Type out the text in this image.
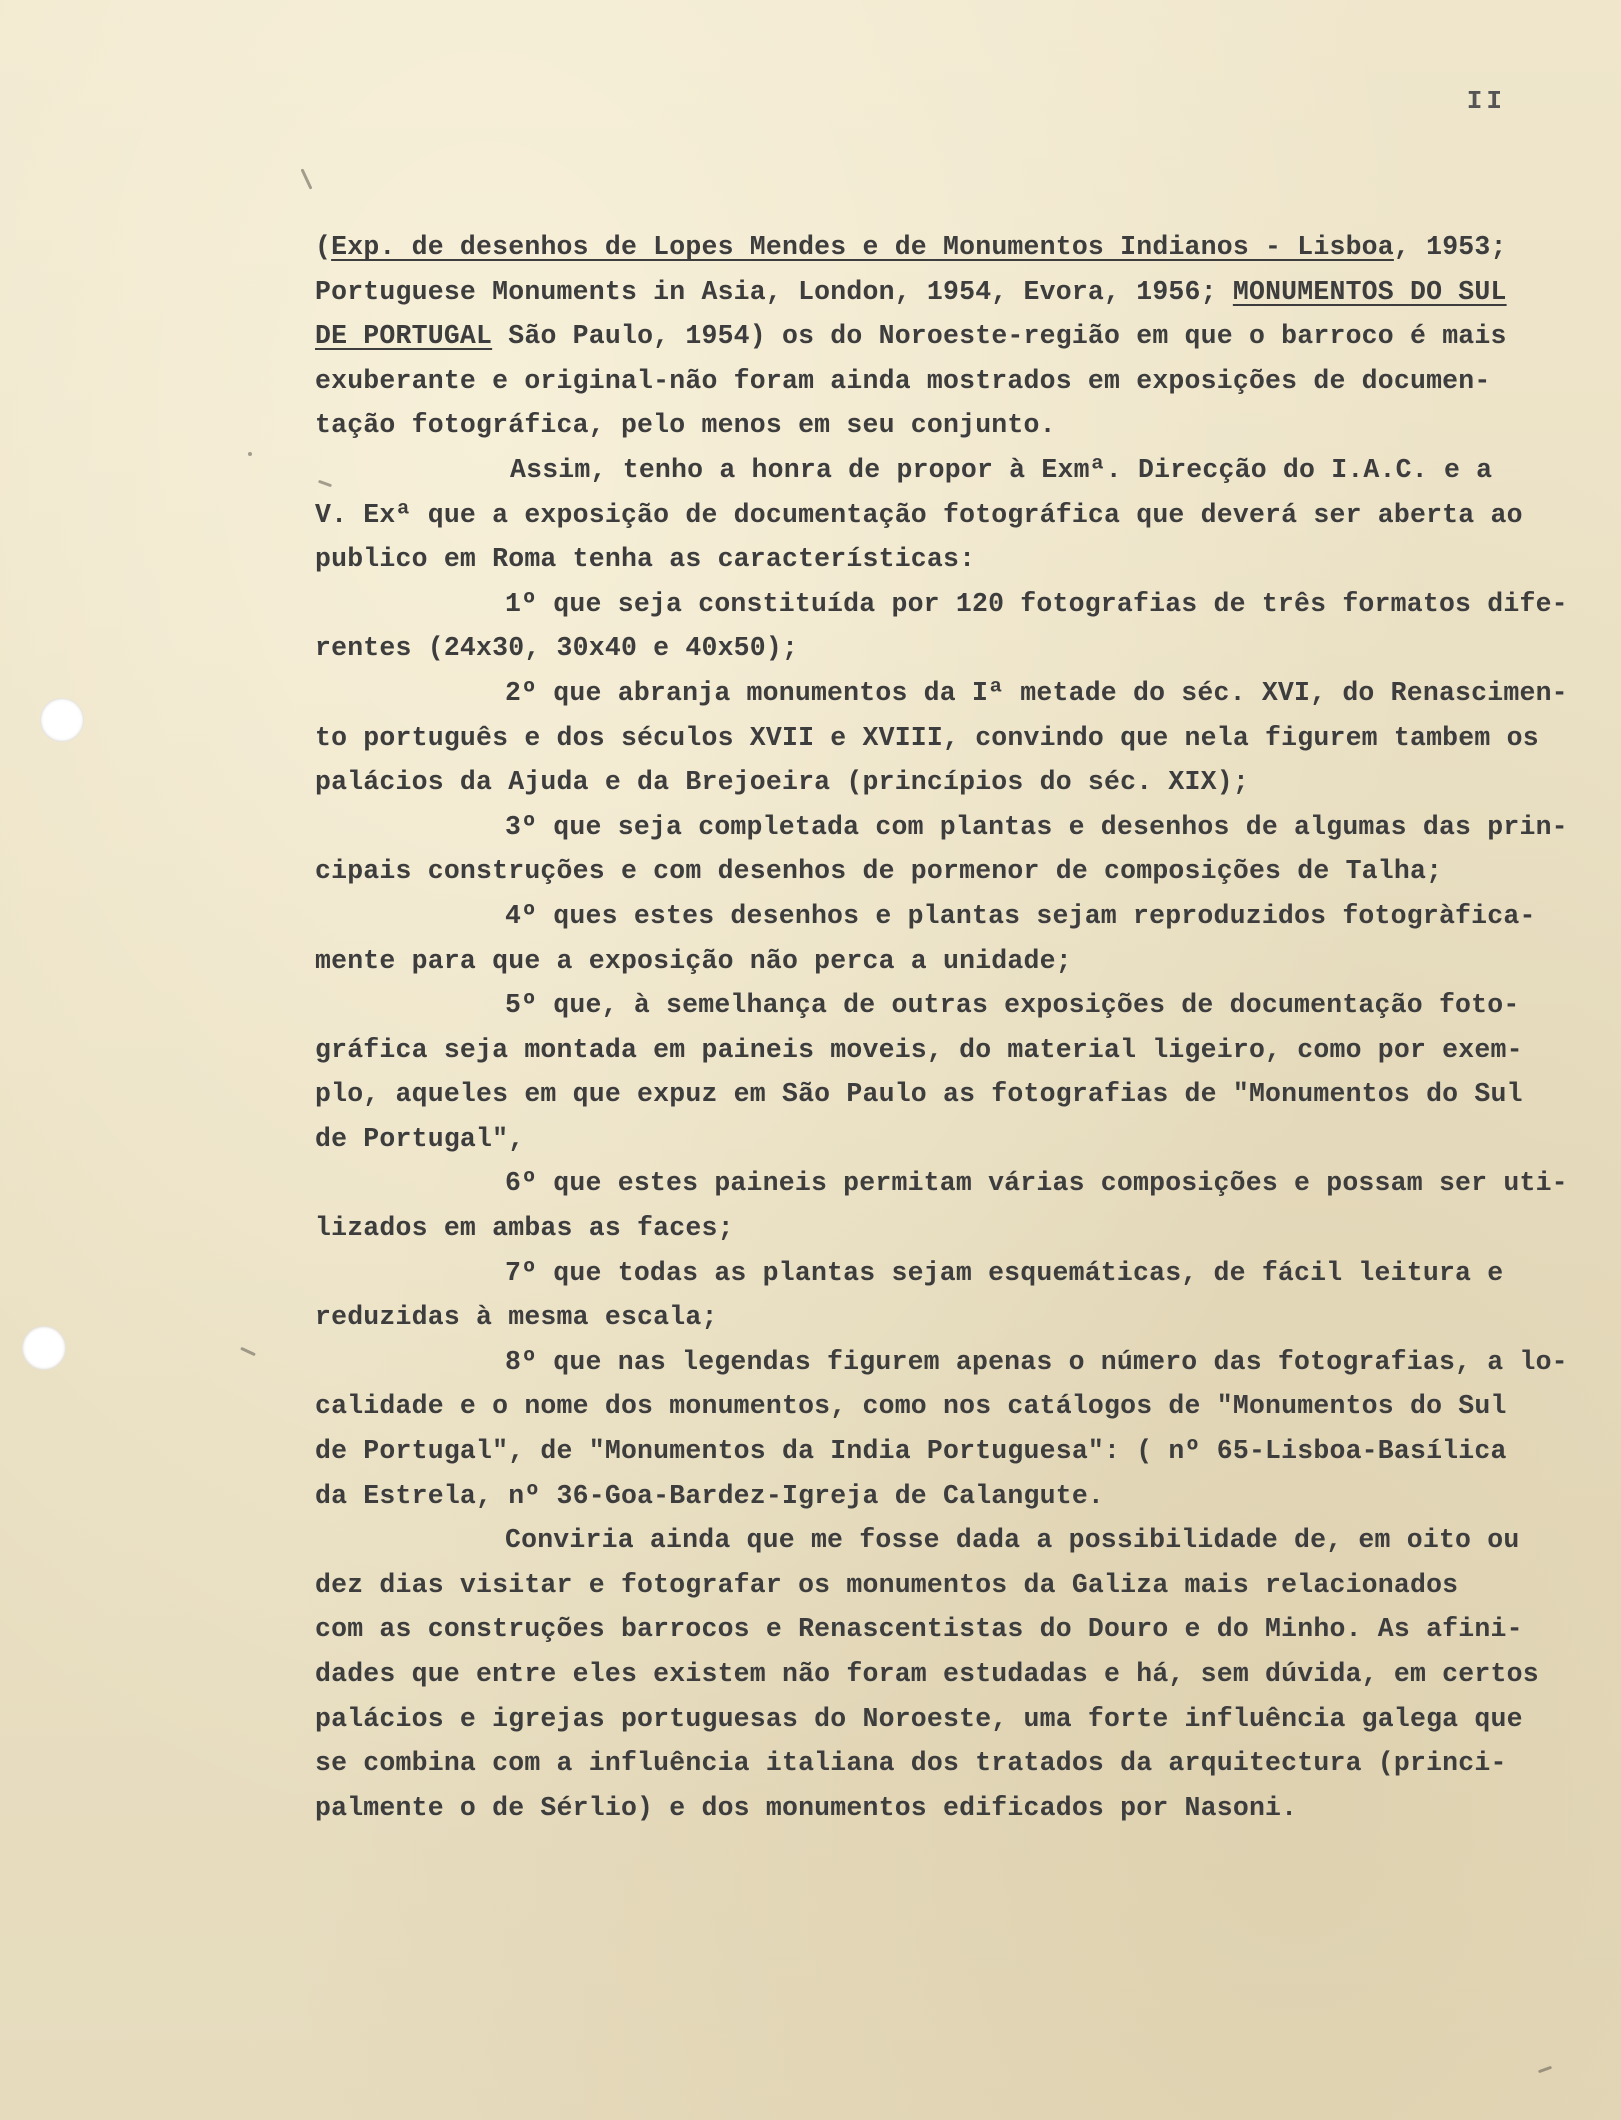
II
(Exp. de desenhos de Lopes Mendes e de Monumentos Indianos - Lisboa, 1953;
Portuguese Monuments in Asia, London, 1954, Evora, 1956; MONUMENTOS DO SUL
DE PORTUGAL São Paulo, 1954) os do Noroeste-região em que o barroco é mais
exuberante e original-não foram ainda mostrados em exposições de documen-
tação fotográfica, pelo menos em seu conjunto.
Assim, tenho a honra de propor à Exmª. Direcção do I.A.C. e a
V. Exª que a exposição de documentação fotográfica que deverá ser aberta ao
publico em Roma tenha as características:
1º que seja constituída por 120 fotografias de três formatos dife-
rentes (24x30, 30x40 e 40x50);
2º que abranja monumentos da Iª metade do séc. XVI, do Renascimen-
to português e dos séculos XVII e XVIII, convindo que nela figurem tambem os
palácios da Ajuda e da Brejoeira (princípios do séc. XIX);
3º que seja completada com plantas e desenhos de algumas das prin-
cipais construções e com desenhos de pormenor de composições de Talha;
4º ques estes desenhos e plantas sejam reproduzidos fotogràfica-
mente para que a exposição não perca a unidade;
5º que, à semelhança de outras exposições de documentação foto-
gráfica seja montada em paineis moveis, do material ligeiro, como por exem-
plo, aqueles em que expuz em São Paulo as fotografias de "Monumentos do Sul
de Portugal",
6º que estes paineis permitam várias composições e possam ser uti-
lizados em ambas as faces;
7º que todas as plantas sejam esquemáticas, de fácil leitura e
reduzidas à mesma escala;
8º que nas legendas figurem apenas o número das fotografias, a lo-
calidade e o nome dos monumentos, como nos catálogos de "Monumentos do Sul
de Portugal", de "Monumentos da India Portuguesa": ( nº 65-Lisboa-Basílica
da Estrela, nº 36-Goa-Bardez-Igreja de Calangute.
Conviria ainda que me fosse dada a possibilidade de, em oito ou
dez dias visitar e fotografar os monumentos da Galiza mais relacionados
com as construções barrocos e Renascentistas do Douro e do Minho. As afini-
dades que entre eles existem não foram estudadas e há, sem dúvida, em certos
palácios e igrejas portuguesas do Noroeste, uma forte influência galega que
se combina com a influência italiana dos tratados da arquitectura (princi-
palmente o de Sérlio) e dos monumentos edificados por Nasoni.
